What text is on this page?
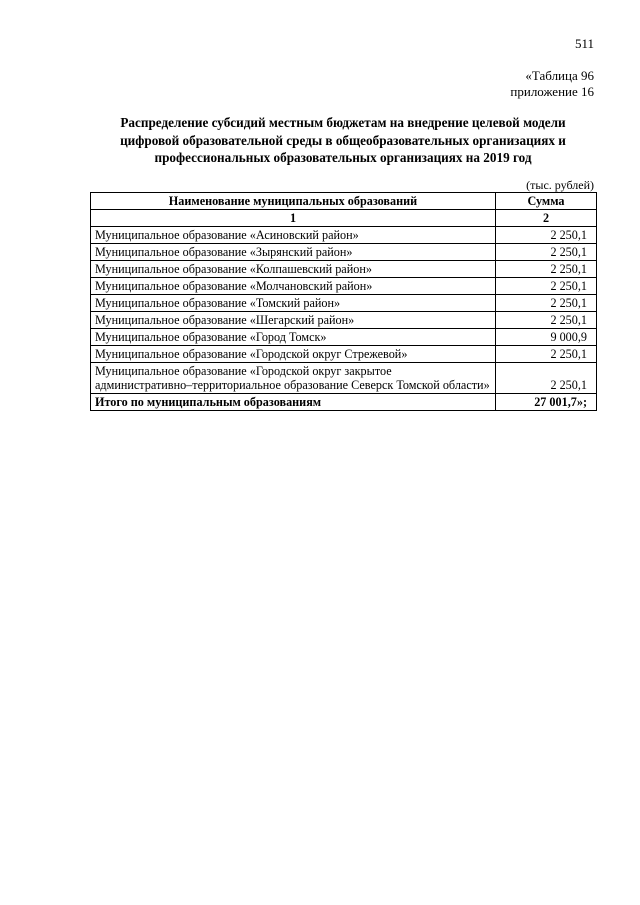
511
«Таблица 96
приложение 16
Распределение субсидий местным бюджетам на внедрение целевой модели
цифровой образовательной среды в общеобразовательных организациях и
профессиональных образовательных организациях на 2019 год
(тыс. рублей)
Наименование муниципальных образований	Сумма
1	2
Муниципальное образование «Асиновский район»	2 250,1
Муниципальное образование «Зырянский район»	2 250,1
Муниципальное образование «Колпашевский район»	2 250,1
Муниципальное образование «Молчановский район»	2 250,1
Муниципальное образование «Томский район»	2 250,1
Муниципальное образование «Шегарский район»	2 250,1
Муниципальное образование «Город Томск»	9 000,9
Муниципальное образование «Городской округ Стрежевой»	2 250,1
Муниципальное образование «Городской округ закрытое административно–территориальное образование Северск Томской области»	2 250,1
Итого по муниципальным образованиям	27 001,7»;
